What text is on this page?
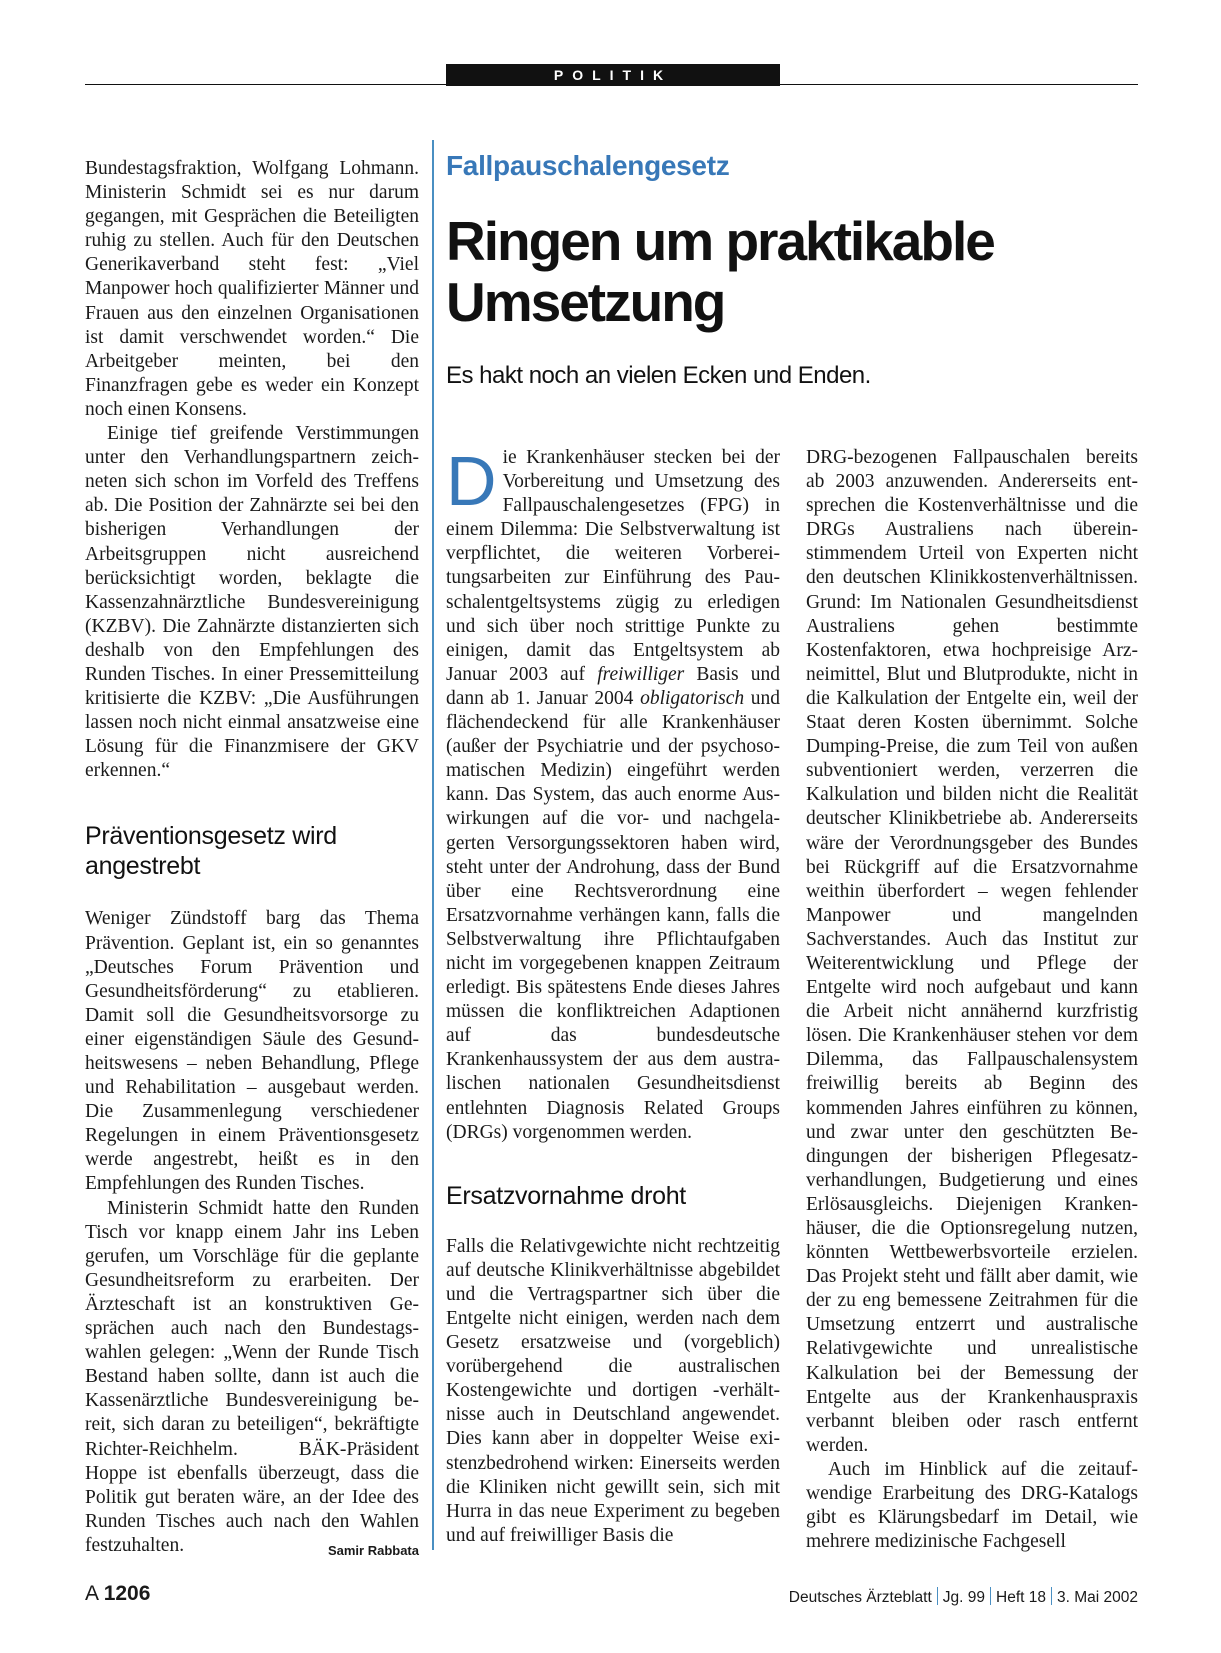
POLITIK

Bundestagsfraktion, Wolfgang Lohmann. Ministerin Schmidt sei es nur darum gegangen, mit Gesprächen die Beteiligten ruhig zu stellen. Auch für den Deutschen Generikaverband steht fest: „Viel Manpower hoch qualifizierter Männer und Frauen aus den einzelnen Organisationen ist damit verschwendet worden.“ Die Arbeitgeber meinten, bei den Finanzfragen gebe es weder ein Konzept noch einen Konsens.

Einige tief greifende Verstimmungen unter den Verhandlungspartnern zeichneten sich schon im Vorfeld des Treffens ab. Die Position der Zahnärzte sei bei den bisherigen Verhandlungen der Arbeitsgruppen nicht ausreichend berücksichtigt worden, beklagte die Kassenzahnärztliche Bundesvereinigung (KZBV). Die Zahnärzte distanzierten sich deshalb von den Empfehlungen des Runden Tisches. In einer Pressemitteilung kritisierte die KZBV: „Die Ausführungen lassen noch nicht einmal ansatzweise eine Lösung für die Finanzmisere der GKV erkennen.“

Präventionsgesetz wird angestrebt

Weniger Zündstoff barg das Thema Prävention. Geplant ist, ein so genanntes „Deutsches Forum Prävention und Gesundheitsförderung“ zu etablieren. Damit soll die Gesundheitsvorsorge zu einer eigenständigen Säule des Gesundheitswesens – neben Behandlung, Pflege und Rehabilitation – ausgebaut werden. Die Zusammenlegung verschiedener Regelungen in einem Präventionsgesetz werde angestrebt, heißt es in den Empfehlungen des Runden Tisches.

Ministerin Schmidt hatte den Runden Tisch vor knapp einem Jahr ins Leben gerufen, um Vorschläge für die geplante Gesundheitsreform zu erarbeiten. Der Ärzteschaft ist an konstruktiven Gesprächen auch nach den Bundestagswahlen gelegen: „Wenn der Runde Tisch Bestand haben sollte, dann ist auch die Kassenärztliche Bundesvereinigung bereit, sich daran zu beteiligen“, bekräftigte Richter-Reichhelm. BÄK-Präsident Hoppe ist ebenfalls überzeugt, dass die Politik gut beraten wäre, an der Idee des Runden Tisches auch nach den Wahlen festzuhalten.	Samir Rabbata

Fallpauschalengesetz
Ringen um praktikable Umsetzung
Es hakt noch an vielen Ecken und Enden.

Die Krankenhäuser stecken bei der Vorbereitung und Umsetzung des Fallpauschalengesetzes (FPG) in einem Dilemma: Die Selbstverwaltung ist verpflichtet, die weiteren Vorbereitungsarbeiten zur Einführung des Pauschalentgeltsystems zügig zu erledigen und sich über noch strittige Punkte zu einigen, damit das Entgeltsystem ab Januar 2003 auf freiwilliger Basis und dann ab 1. Januar 2004 obligatorisch und flächendeckend für alle Krankenhäuser (außer der Psychiatrie und der psychosomatischen Medizin) eingeführt werden kann. Das System, das auch enorme Auswirkungen auf die vor- und nachgelagerten Versorgungssektoren haben wird, steht unter der Androhung, dass der Bund über eine Rechtsverordnung eine Ersatzvornahme verhängen kann, falls die Selbstverwaltung ihre Pflichtaufgaben nicht im vorgegebenen knappen Zeitraum erledigt. Bis spätestens Ende dieses Jahres müssen die konfliktreichen Adaptionen auf das bundesdeutsche Krankenhaussystem der aus dem australischen nationalen Gesundheitsdienst entlehnten Diagnosis Related Groups (DRGs) vorgenommen werden.

Ersatzvornahme droht

Falls die Relativgewichte nicht rechtzeitig auf deutsche Klinikverhältnisse abgebildet und die Vertragspartner sich über die Entgelte nicht einigen, werden nach dem Gesetz ersatzweise und (vorgeblich) vorübergehend die australischen Kostengewichte und dortigen -verhältnisse auch in Deutschland angewendet. Dies kann aber in doppelter Weise existenzbedrohend wirken: Einerseits werden die Kliniken nicht gewillt sein, sich mit Hurra in das neue Experiment zu begeben und auf freiwilliger Basis die

DRG-bezogenen Fallpauschalen bereits ab 2003 anzuwenden. Andererseits entsprechen die Kostenverhältnisse und die DRGs Australiens nach übereinstimmendem Urteil von Experten nicht den deutschen Klinikkostenverhältnissen. Grund: Im Nationalen Gesundheitsdienst Australiens gehen bestimmte Kostenfaktoren, etwa hochpreisige Arzneimittel, Blut und Blutprodukte, nicht in die Kalkulation der Entgelte ein, weil der Staat deren Kosten übernimmt. Solche Dumping-Preise, die zum Teil von außen subventioniert werden, verzerren die Kalkulation und bilden nicht die Realität deutscher Klinikbetriebe ab. Andererseits wäre der Verordnungsgeber des Bundes bei Rückgriff auf die Ersatzvornahme weithin überfordert – wegen fehlender Manpower und mangelnden Sachverstandes. Auch das Institut zur Weiterentwicklung und Pflege der Entgelte wird noch aufgebaut und kann die Arbeit nicht annähernd kurzfristig lösen. Die Krankenhäuser stehen vor dem Dilemma, das Fallpauschalensystem freiwillig bereits ab Beginn des kommenden Jahres einführen zu können, und zwar unter den geschützten Bedingungen der bisherigen Pflegesatzverhandlungen, Budgetierung und eines Erlösausgleichs. Diejenigen Krankenhäuser, die die Optionsregelung nutzen, könnten Wettbewerbsvorteile erzielen. Das Projekt steht und fällt aber damit, wie der zu eng bemessene Zeitrahmen für die Umsetzung entzerrt und australische Relativgewichte und unrealistische Kalkulation bei der Bemessung der Entgelte aus der Krankenhauspraxis verbannt bleiben oder rasch entfernt werden.

Auch im Hinblick auf die zeitaufwendige Erarbeitung des DRG-Katalogs gibt es Klärungsbedarf im Detail, wie mehrere medizinische Fachgesell

A 1206	Deutsches Ärzteblatt Jg. 99 Heft 18 3. Mai 2002
